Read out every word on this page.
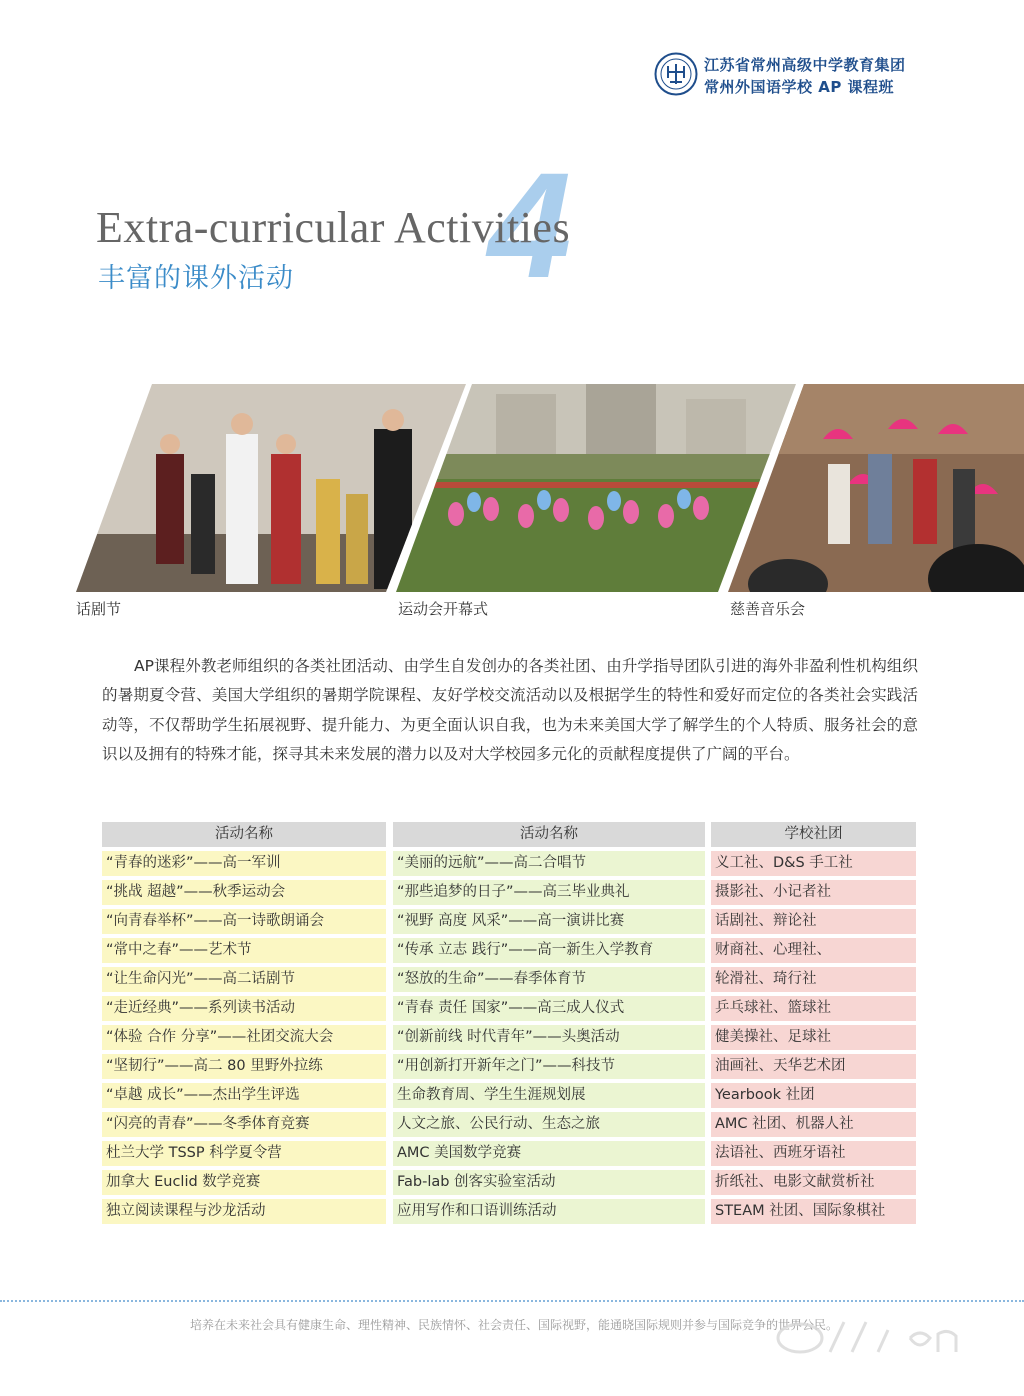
江苏省常州高级中学教育集团
常州外国语学校 AP 课程班
4
Extra-curricular Activities
丰富的课外活动
话剧节	运动会开幕式	慈善音乐会
AP课程外教老师组织的各类社团活动、由学生自发创办的各类社团、由升学指导团队引进的海外非盈利性机构组织的暑期夏令营、美国大学组织的暑期学院课程、友好学校交流活动以及根据学生的特性和爱好而定位的各类社会实践活动等，不仅帮助学生拓展视野、提升能力、为更全面认识自我，也为未来美国大学了解学生的个人特质、服务社会的意识以及拥有的特殊才能，探寻其未来发展的潜力以及对大学校园多元化的贡献程度提供了广阔的平台。
活动名称	活动名称	学校社团
“青春的迷彩”——高一军训	“美丽的远航”——高二合唱节	义工社、D&S 手工社
“挑战 超越”——秋季运动会	“那些追梦的日子”——高三毕业典礼	摄影社、小记者社
“向青春举杯”——高一诗歌朗诵会	“视野 高度 风采”——高一演讲比赛	话剧社、辩论社
“常中之春”——艺术节	“传承 立志 践行”——高一新生入学教育	财商社、心理社、
“让生命闪光”——高二话剧节	“怒放的生命”——春季体育节	轮滑社、琦行社
“走近经典”——系列读书活动	“青春 责任 国家”——高三成人仪式	乒乓球社、篮球社
“体验 合作 分享”——社团交流大会	“创新前线 时代青年”——头奥活动	健美操社、足球社
“坚韧行”——高二 80 里野外拉练	“用创新打开新年之门”——科技节	油画社、天华艺术团
“卓越 成长”——杰出学生评选	生命教育周、学生生涯规划展	Yearbook 社团
“闪亮的青春”——冬季体育竞赛	人文之旅、公民行动、生态之旅	AMC 社团、机器人社
杜兰大学 TSSP 科学夏令营	AMC 美国数学竞赛	法语社、西班牙语社
加拿大 Euclid 数学竞赛	Fab-lab 创客实验室活动	折纸社、电影文献赏析社
独立阅读课程与沙龙活动	应用写作和口语训练活动	STEAM 社团、国际象棋社
培养在未来社会具有健康生命、理性精神、民族情怀、社会责任、国际视野，能通晓国际规则并参与国际竞争的世界公民。
